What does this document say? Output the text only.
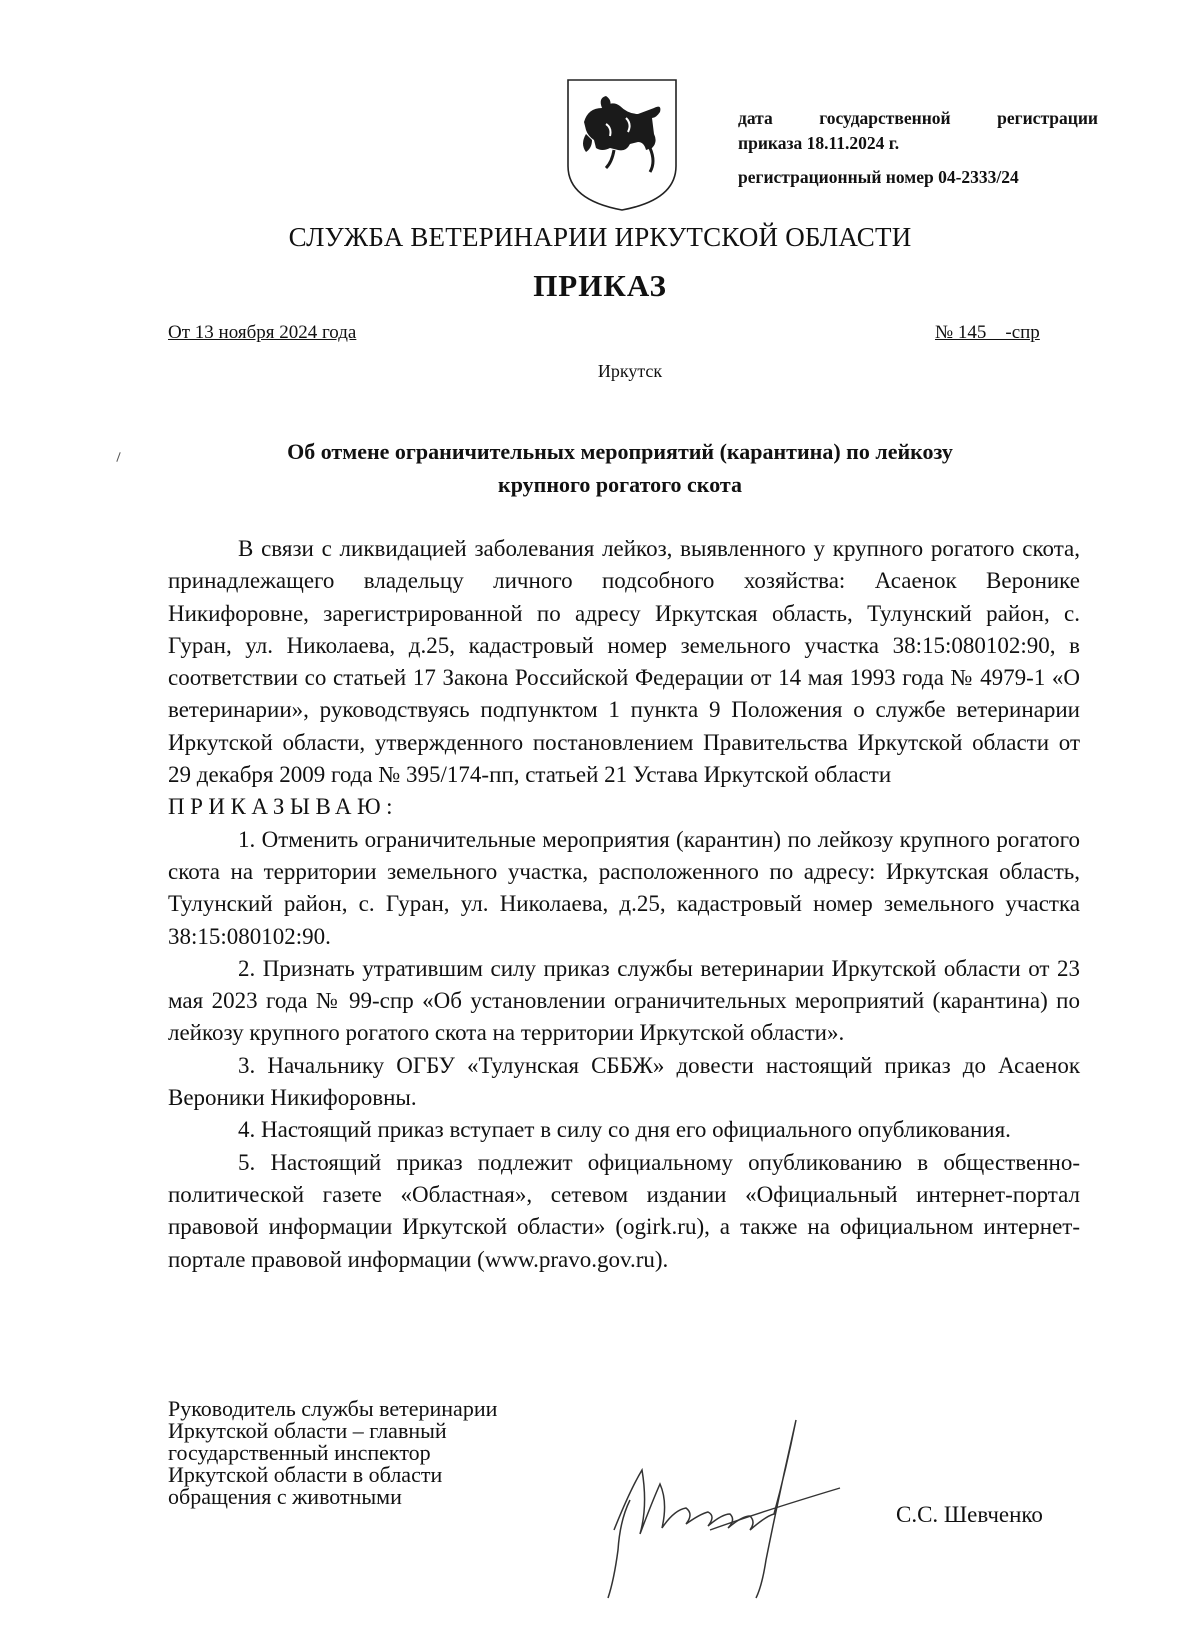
дата государственной регистрации
приказа 18.11.2024 г.
регистрационный номер 04-2333/24
СЛУЖБА ВЕТЕРИНАРИИ ИРКУТСКОЙ ОБЛАСТИ
ПРИКАЗ
От 13 ноября 2024 года	№ 145    -спр
Иркутск
Об отмене ограничительных мероприятий (карантина) по лейкозу
крупного рогатого скота

В связи с ликвидацией заболевания лейкоз, выявленного у крупного рогатого скота, принадлежащего владельцу личного подсобного хозяйства: Асаенок Веронике Никифоровне, зарегистрированной по адресу Иркутская область, Тулунский район, с. Гуран, ул. Николаева, д.25, кадастровый номер земельного участка 38:15:080102:90, в соответствии со статьей 17 Закона Российской Федерации от 14 мая 1993 года № 4979-1 «О ветеринарии», руководствуясь подпунктом 1 пункта 9 Положения о службе ветеринарии Иркутской области, утвержденного постановлением Правительства Иркутской области от 29 декабря 2009 года № 395/174-пп, статьей 21 Устава Иркутской области

ПРИКАЗЫВАЮ:

1. Отменить ограничительные мероприятия (карантин) по лейкозу крупного рогатого скота на территории земельного участка, расположенного по адресу: Иркутская область, Тулунский район, с. Гуран, ул. Николаева, д.25, кадастровый номер земельного участка 38:15:080102:90.

2. Признать утратившим силу приказ службы ветеринарии Иркутской области от 23 мая 2023 года № 99-спр «Об установлении ограничительных мероприятий (карантина) по лейкозу крупного рогатого скота на территории Иркутской области».

3. Начальнику ОГБУ «Тулунская СББЖ» довести настоящий приказ до Асаенок Вероники Никифоровны.

4. Настоящий приказ вступает в силу со дня его официального опубликования.

5. Настоящий приказ подлежит официальному опубликованию в общественно-политической газете «Областная», сетевом издании «Официальный интернет-портал правовой информации Иркутской области» (ogirk.ru), а также на официальном интернет-портале правовой информации (www.pravo.gov.ru).

Руководитель службы ветеринарии
Иркутской области – главный
государственный инспектор
Иркутской области в области
обращения с животными
С.С. Шевченко
